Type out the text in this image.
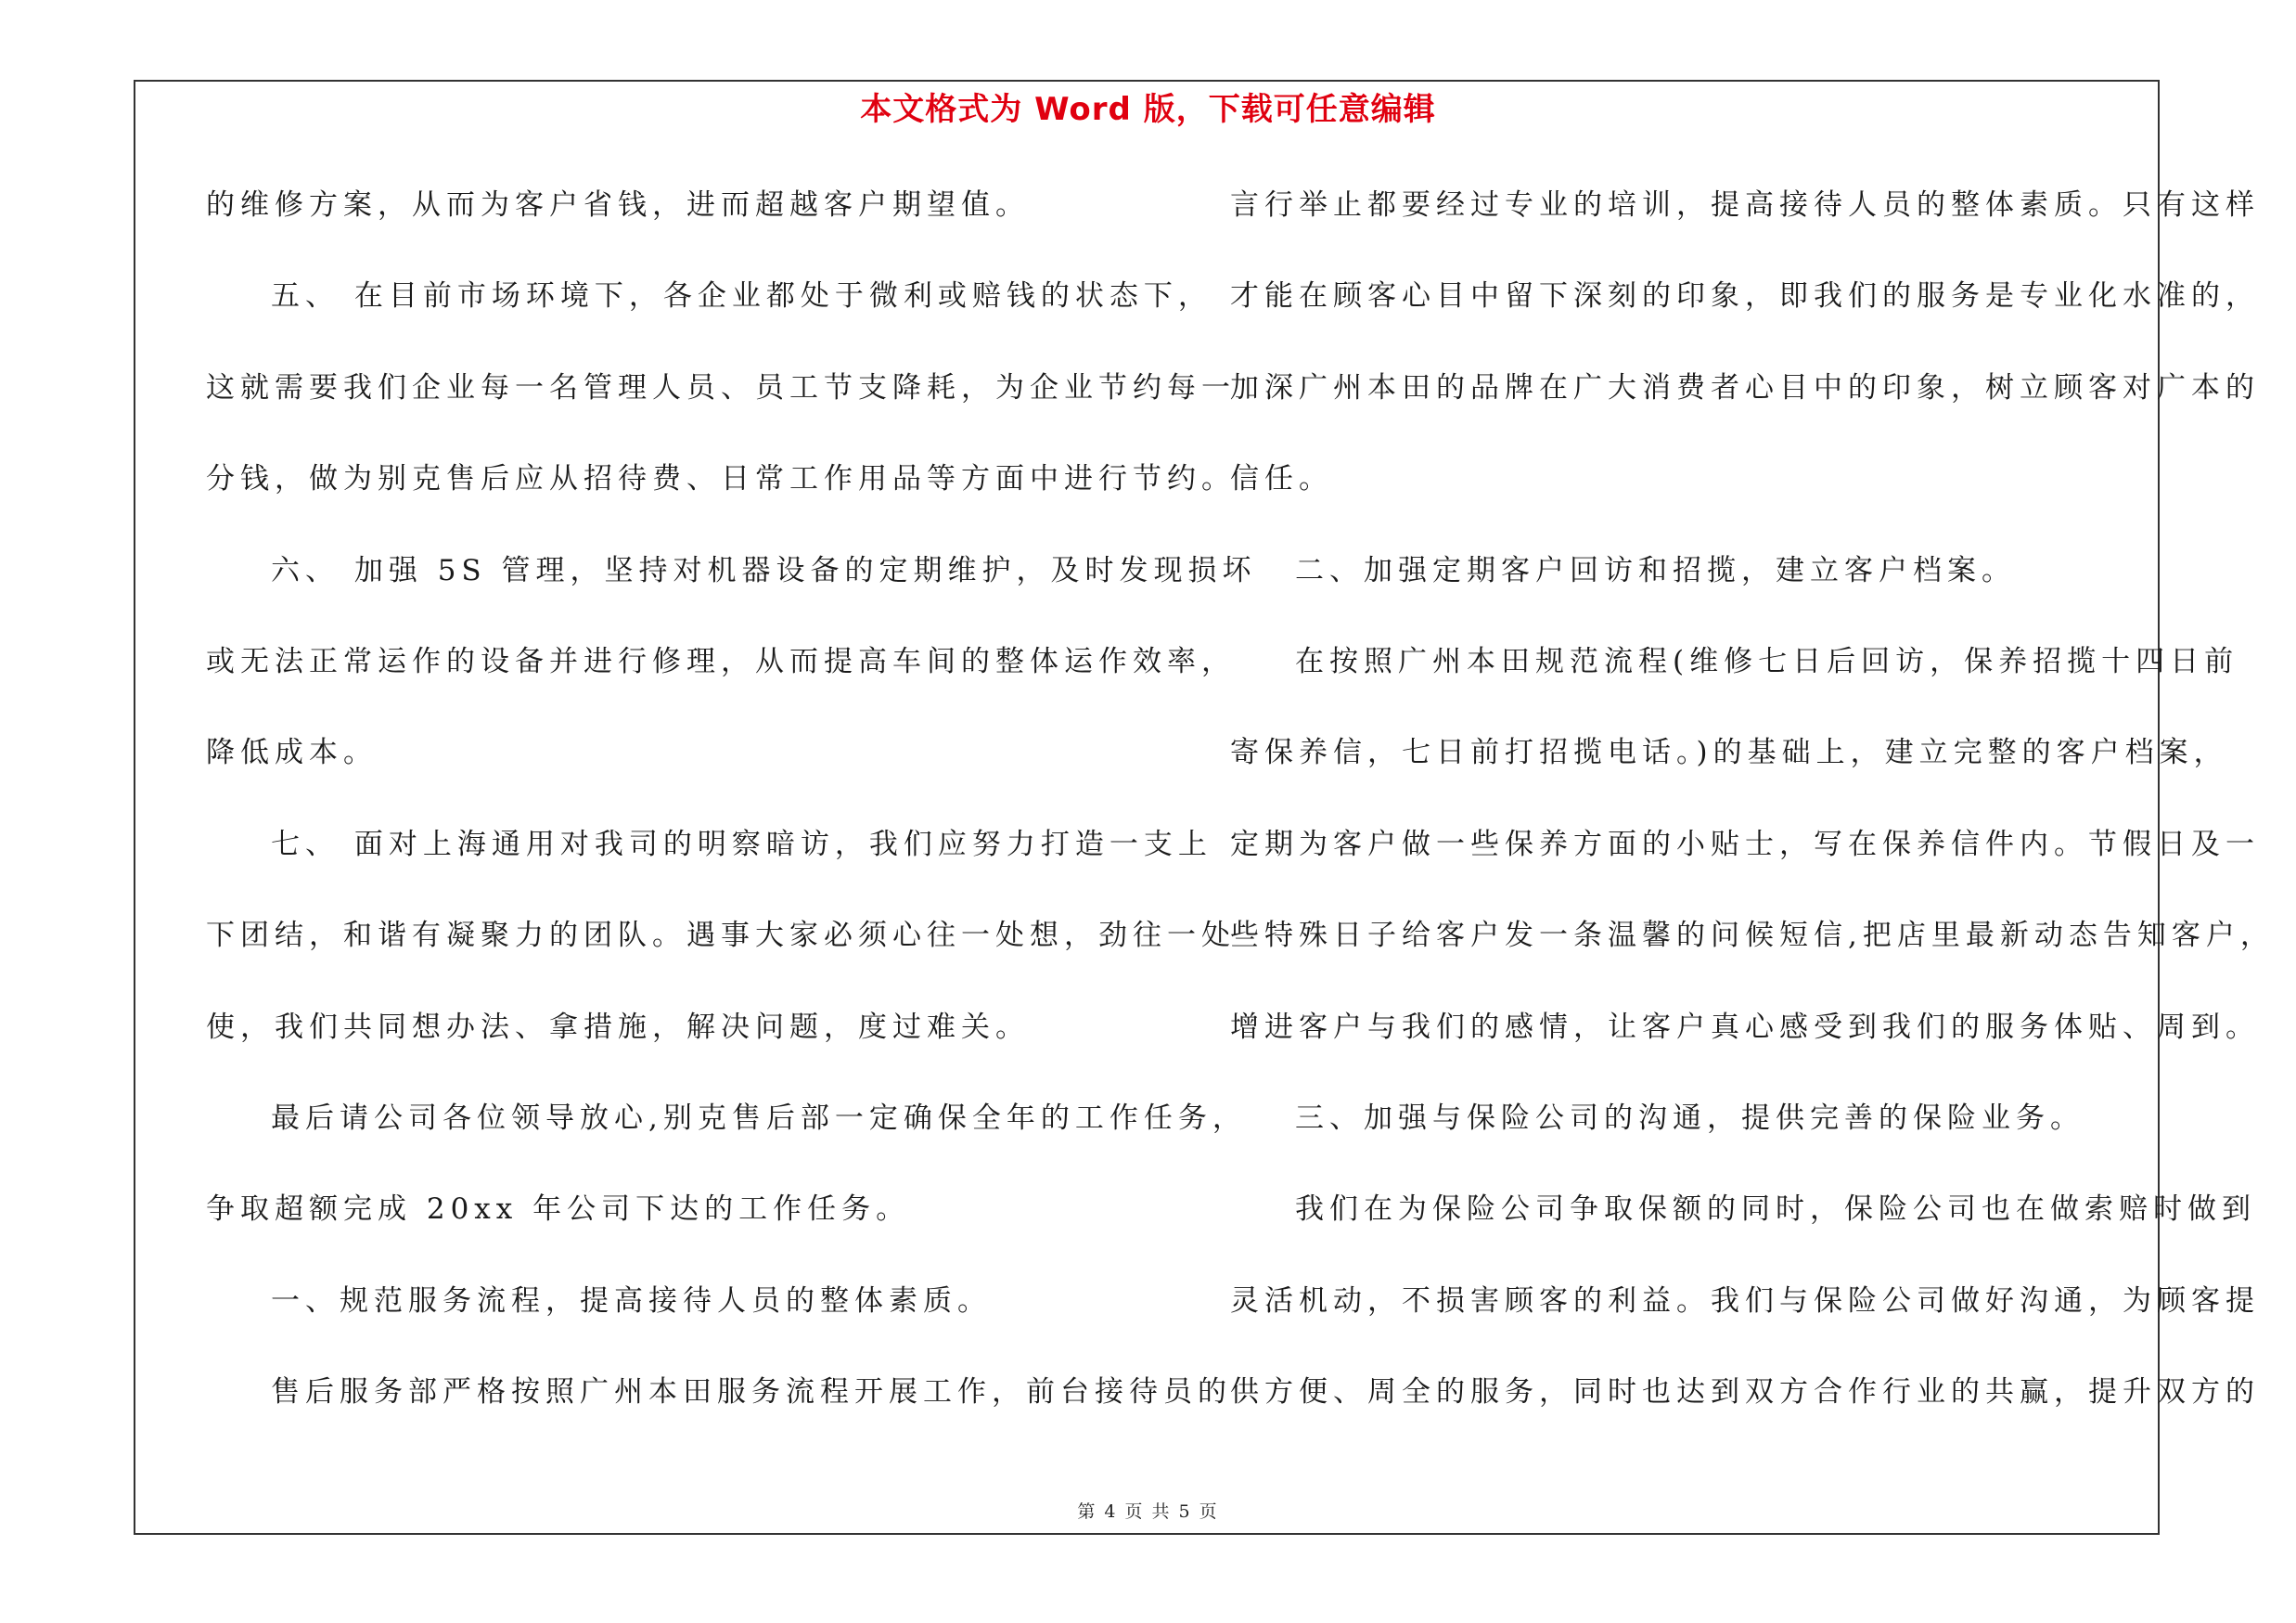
本文格式为 Word 版，下载可任意编辑
的维修方案，从而为客户省钱，进而超越客户期望值。
五、 在目前市场环境下，各企业都处于微利或赔钱的状态下，
这就需要我们企业每一名管理人员、员工节支降耗，为企业节约每一
分钱，做为别克售后应从招待费、日常工作用品等方面中进行节约。
六、 加强 5S 管理，坚持对机器设备的定期维护，及时发现损坏
或无法正常运作的设备并进行修理，从而提高车间的整体运作效率，
降低成本。
七、 面对上海通用对我司的明察暗访，我们应努力打造一支上
下团结，和谐有凝聚力的团队。遇事大家必须心往一处想，劲往一处
使，我们共同想办法、拿措施，解决问题，度过难关。
最后请公司各位领导放心,别克售后部一定确保全年的工作任务，
争取超额完成 20xx 年公司下达的工作任务。
一、规范服务流程，提高接待人员的整体素质。
售后服务部严格按照广州本田服务流程开展工作，前台接待员的
言行举止都要经过专业的培训，提高接待人员的整体素质。只有这样
才能在顾客心目中留下深刻的印象，即我们的服务是专业化水准的，
加深广州本田的品牌在广大消费者心目中的印象，树立顾客对广本的
信任。
二、加强定期客户回访和招揽，建立客户档案。
在按照广州本田规范流程(维修七日后回访，保养招揽十四日前
寄保养信，七日前打招揽电话。)的基础上，建立完整的客户档案，
定期为客户做一些保养方面的小贴士，写在保养信件内。节假日及一
些特殊日子给客户发一条温馨的问候短信,把店里最新动态告知客户，
增进客户与我们的感情，让客户真心感受到我们的服务体贴、周到。
三、加强与保险公司的沟通，提供完善的保险业务。
我们在为保险公司争取保额的同时，保险公司也在做索赔时做到
灵活机动，不损害顾客的利益。我们与保险公司做好沟通，为顾客提
供方便、周全的服务，同时也达到双方合作行业的共赢，提升双方的
第 4 页 共 5 页
